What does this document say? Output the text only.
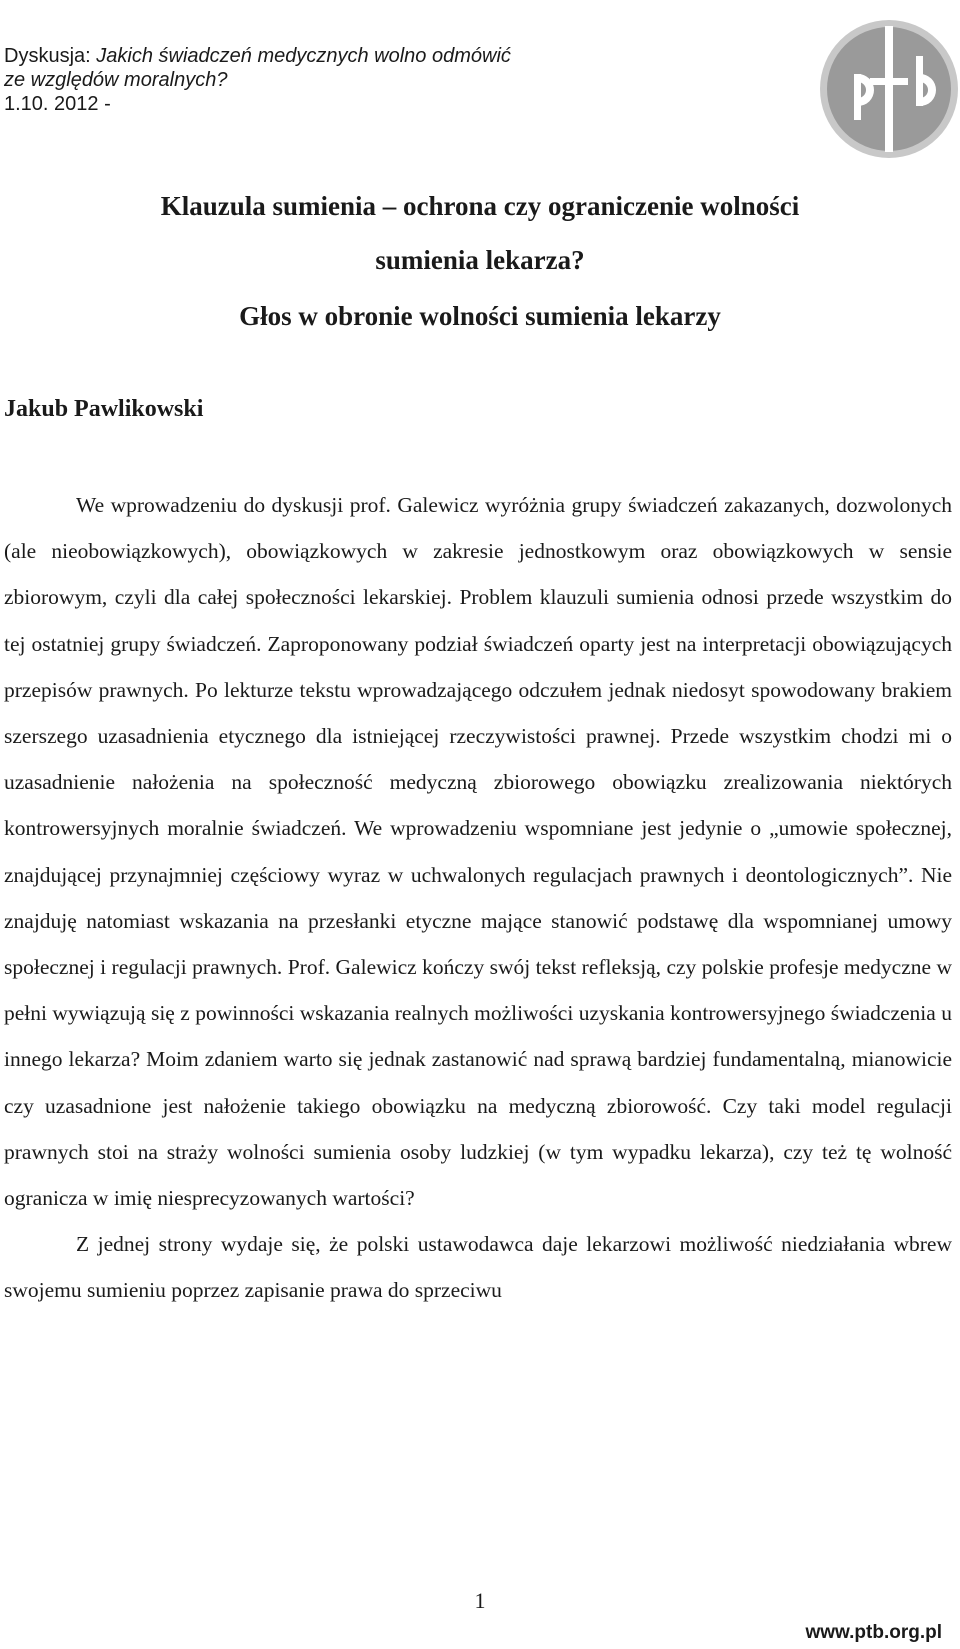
Dyskusja: Jakich świadczeń medycznych wolno odmówić
ze względów moralnych?
1.10. 2012 -
Klauzula sumienia – ochrona czy ograniczenie wolności
sumienia lekarza?
Głos w obronie wolności sumienia lekarzy
Jakub Pawlikowski

We wprowadzeniu do dyskusji prof. Galewicz wyróżnia grupy świadczeń zakazanych, dozwolonych (ale nieobowiązkowych), obowiązkowych w zakresie jednostkowym oraz obowiązkowych w sensie zbiorowym, czyli dla całej społeczności lekarskiej. Problem klauzuli sumienia odnosi przede wszystkim do tej ostatniej grupy świadczeń. Zaproponowany podział świadczeń oparty jest na interpretacji obowiązujących przepisów prawnych. Po lekturze tekstu wprowadzającego odczułem jednak niedosyt spowodowany brakiem szerszego uzasadnienia etycznego dla istniejącej rzeczywistości prawnej. Przede wszystkim chodzi mi o uzasadnienie nałożenia na społeczność medyczną zbiorowego obowiązku zrealizowania niektórych kontrowersyjnych moralnie świadczeń. We wprowadzeniu wspomniane jest jedynie o „umowie społecznej, znajdującej przynajmniej częściowy wyraz w uchwalonych regulacjach prawnych i deontologicznych”. Nie znajduję natomiast wskazania na przesłanki etyczne mające stanowić podstawę dla wspomnianej umowy społecznej i regulacji prawnych. Prof. Galewicz kończy swój tekst refleksją, czy polskie profesje medyczne w pełni wywiązują się z powinności wskazania realnych możliwości uzyskania kontrowersyjnego świadczenia u innego lekarza? Moim zdaniem warto się jednak zastanowić nad sprawą bardziej fundamentalną, mianowicie czy uzasadnione jest nałożenie takiego obowiązku na medyczną zbiorowość. Czy taki model regulacji prawnych stoi na straży wolności sumienia osoby ludzkiej (w tym wypadku lekarza), czy też tę wolność ogranicza w imię niesprecyzowanych wartości?

Z jednej strony wydaje się, że polski ustawodawca daje lekarzowi możliwość niedziałania wbrew swojemu sumieniu poprzez zapisanie prawa do sprzeciwu

1
www.ptb.org.pl
